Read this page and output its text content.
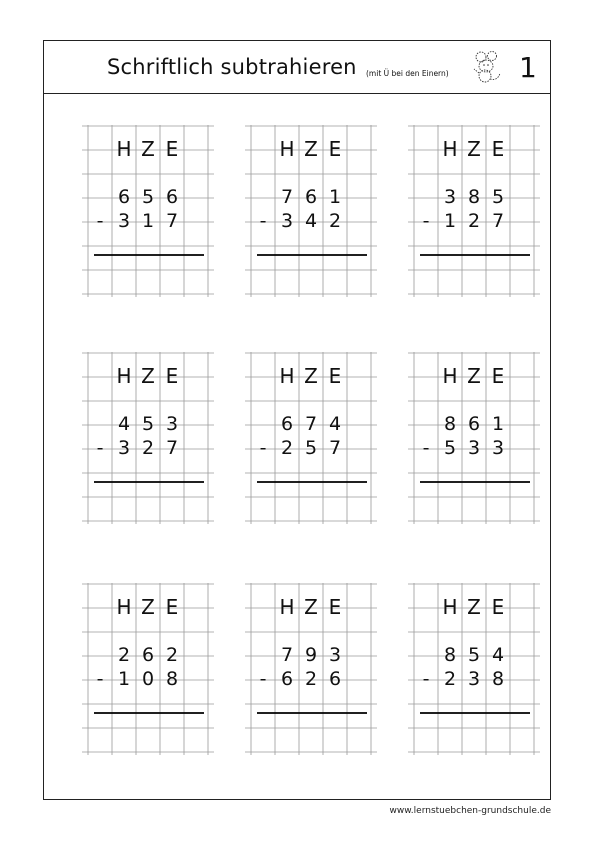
Schriftlich subtrahieren (mit Ü bei den Einern)	1
H Z E
6 5 6
- 3 1 7
H Z E
7 6 1
- 3 4 2
H Z E
3 8 5
- 1 2 7
H Z E
4 5 3
- 3 2 7
H Z E
6 7 4
- 2 5 7
H Z E
8 6 1
- 5 3 3
H Z E
2 6 2
- 1 0 8
H Z E
7 9 3
- 6 2 6
H Z E
8 5 4
- 2 3 8
www.lernstuebchen-grundschule.de
